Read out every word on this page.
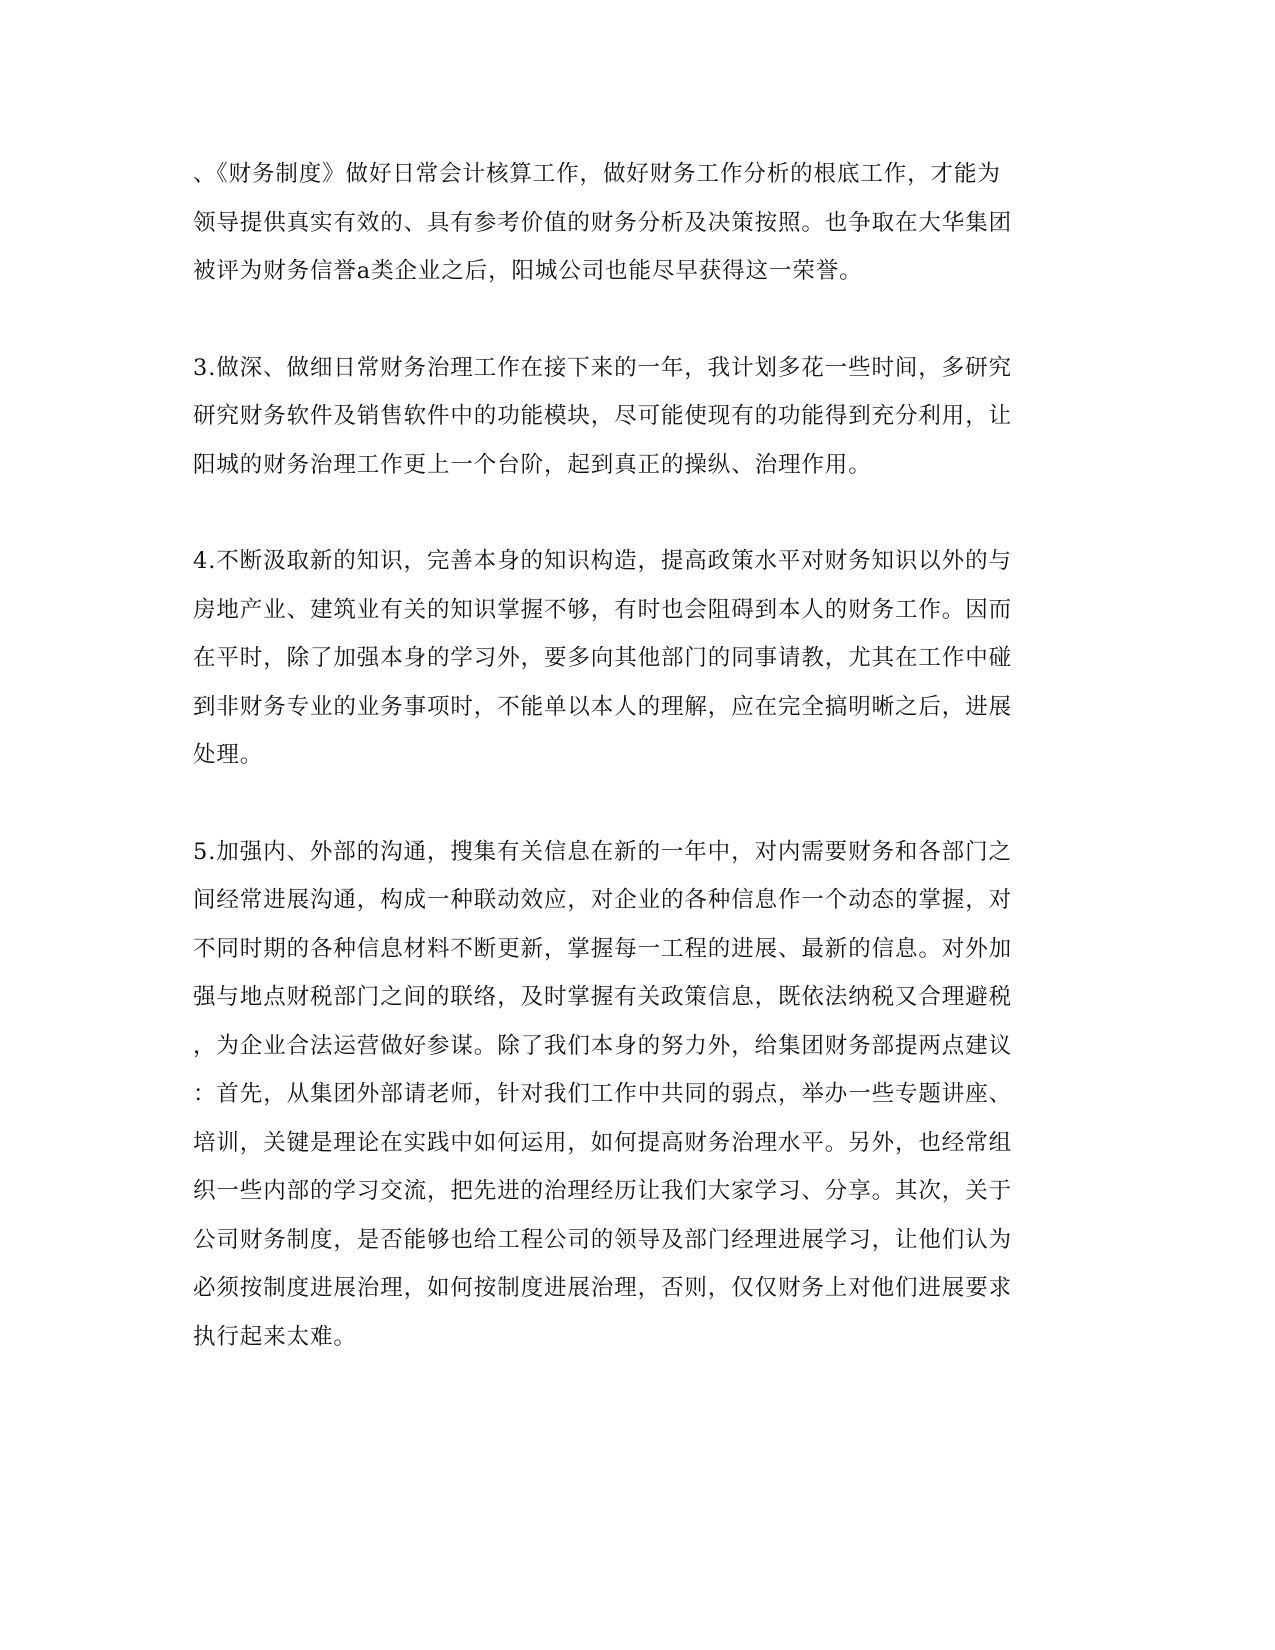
、《财务制度》做好日常会计核算工作，做好财务工作分析的根底工作，才能为
领导提供真实有效的、具有参考价值的财务分析及决策按照。也争取在大华集团
被评为财务信誉a类企业之后，阳城公司也能尽早获得这一荣誉。

3.做深、做细日常财务治理工作在接下来的一年，我计划多花一些时间，多研究
研究财务软件及销售软件中的功能模块，尽可能使现有的功能得到充分利用，让
阳城的财务治理工作更上一个台阶，起到真正的操纵、治理作用。

4.不断汲取新的知识，完善本身的知识构造，提高政策水平对财务知识以外的与
房地产业、建筑业有关的知识掌握不够，有时也会阻碍到本人的财务工作。因而
在平时，除了加强本身的学习外，要多向其他部门的同事请教，尤其在工作中碰
到非财务专业的业务事项时，不能单以本人的理解，应在完全搞明晰之后，进展
处理。

5.加强内、外部的沟通，搜集有关信息在新的一年中，对内需要财务和各部门之
间经常进展沟通，构成一种联动效应，对企业的各种信息作一个动态的掌握，对
不同时期的各种信息材料不断更新，掌握每一工程的进展、最新的信息。对外加
强与地点财税部门之间的联络，及时掌握有关政策信息，既依法纳税又合理避税
，为企业合法运营做好参谋。除了我们本身的努力外，给集团财务部提两点建议
：首先，从集团外部请老师，针对我们工作中共同的弱点，举办一些专题讲座、
培训，关键是理论在实践中如何运用，如何提高财务治理水平。另外，也经常组
织一些内部的学习交流，把先进的治理经历让我们大家学习、分享。其次，关于
公司财务制度，是否能够也给工程公司的领导及部门经理进展学习，让他们认为
必须按制度进展治理，如何按制度进展治理，否则，仅仅财务上对他们进展要求
执行起来太难。
